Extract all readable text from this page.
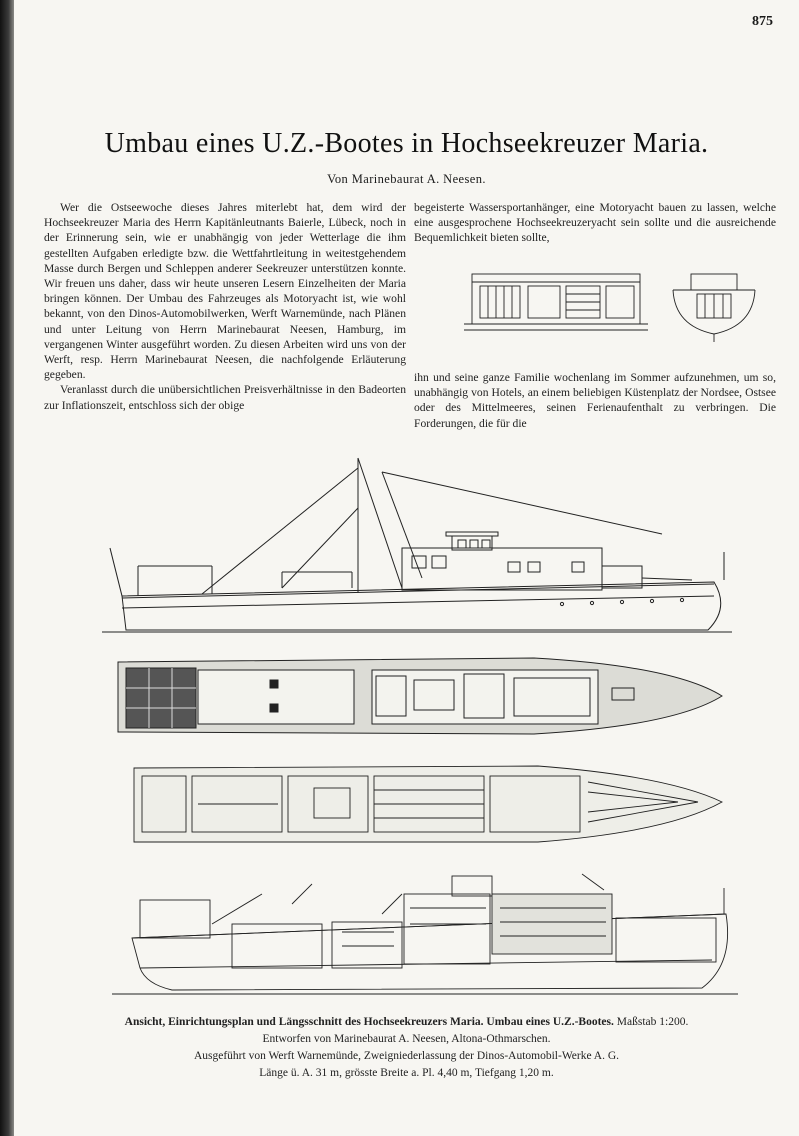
875
Umbau eines U.Z.-Bootes in Hochseekreuzer Maria.
Von Marinebaurat A. Neesen.

Wer die Ostseewoche dieses Jahres miterlebt hat, dem wird der Hochseekreuzer Maria des Herrn Kapitänleutnants Baierle, Lübeck, noch in der Erinnerung sein, wie er unabhängig von jeder Wetterlage die ihm gestellten Aufgaben erledigte bzw. die Wettfahrtleitung in weitestgehendem Masse durch Bergen und Schleppen anderer Seekreuzer unterstützen konnte. Wir freuen uns daher, dass wir heute unseren Lesern Einzelheiten der Maria bringen können. Der Umbau des Fahrzeuges als Motoryacht ist, wie wohl bekannt, von den Dinos-Automobilwerken, Werft Warnemünde, nach Plänen und unter Leitung von Herrn Marinebaurat Neesen, Hamburg, im vergangenen Winter ausgeführt worden. Zu diesen Arbeiten wird uns von der Werft, resp. Herrn Marinebaurat Neesen, die nachfolgende Erläuterung gegeben.

Veranlasst durch die unübersichtlichen Preisverhältnisse in den Badeorten zur Inflationszeit, entschloss sich der obige

begeisterte Wassersportanhänger, eine Motoryacht bauen zu lassen, welche eine ausgesprochene Hochseekreuzeryacht sein sollte und die ausreichende Bequemlichkeit bieten sollte,

ihn und seine ganze Familie wochenlang im Sommer aufzunehmen, um so, unabhängig von Hotels, an einem beliebigen Küstenplatz der Nordsee, Ostsee oder des Mittelmeeres, seinen Ferienaufenthalt zu verbringen. Die Forderungen, die für die

Ansicht, Einrichtungsplan und Längsschnitt des Hochseekreuzers Maria. Umbau eines U.Z.-Bootes. Maßstab 1:200.
Entworfen von Marinebaurat A. Neesen, Altona-Othmarschen.
Ausgeführt von Werft Warnemünde, Zweigniederlassung der Dinos-Automobil-Werke A. G.
Länge ü. A. 31 m, grösste Breite a. Pl. 4,40 m, Tiefgang 1,20 m.
